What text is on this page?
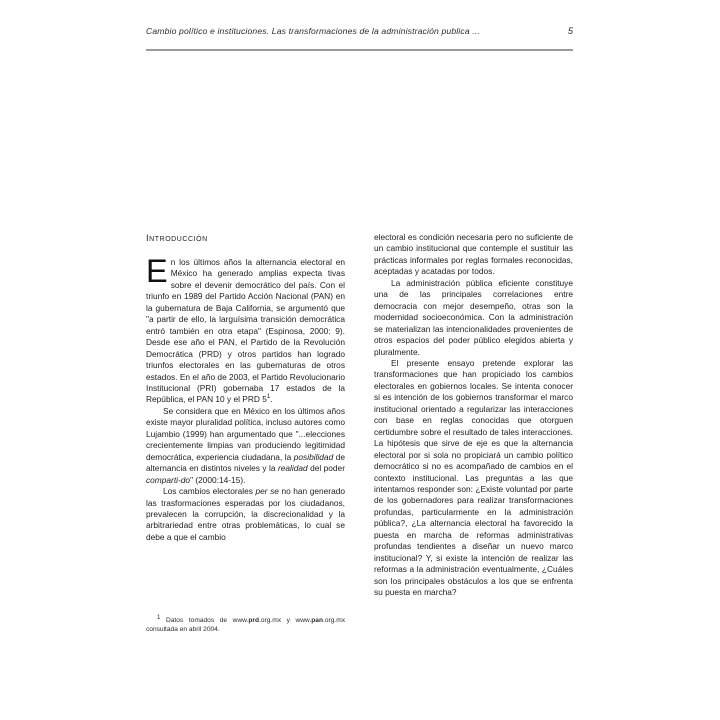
Cambio político e instituciones. Las transformaciones de la administración publica ...	5
Introducción

En los últimos años la alternancia electoral en México ha generado amplias expecta tivas sobre el devenir democrático del país. Con el triunfo en 1989 del Partido Acción Nacional (PAN) en la gubernatura de Baja California, se argumentó que "a partir de ello, la larguísima transición democrática entró también en otra etapa" (Espinosa, 2000: 9). Desde ese año el PAN, el Partido de la Revolución Democrática (PRD) y otros partidos han logrado triunfos electorales en las gubernaturas de otros estados. En el año de 2003, el Partido Revolucionario Institucional (PRI) gobernaba 17 estados de la República, el PAN 10 y el PRD $5^1$.

Se considera que en México en los últimos años existe mayor pluralidad política, incluso autores como Lujambio (1999) han argumentado que "...elecciones crecientemente limpias van produciendo legitimidad democrática, experiencia ciudadana, la posibilidad de alternancia en distintos niveles y la realidad del poder comparti-do" (2000:14-15).

Los cambios electorales per se no han generado las trasformaciones esperadas por los ciudadanos, prevalecen la corrupción, la discrecionalidad y la arbitrariedad entre otras problemáticas, lo cual se debe a que el cambio

electoral es condición necesaria pero no suficiente de un cambio institucional que contemple el sustituir las prácticas informales por reglas formales reconocidas, aceptadas y acatadas por todos.

La administración pública eficiente constituye una de las principales correlaciones entre democracia con mejor desempeño, otras son la modernidad socioeconómica. Con la administración se materializan las intencionalidades provenientes de otros espacios del poder público elegidos abierta y pluralmente.

El presente ensayo pretende explorar las transformaciones que han propiciado los cambios electorales en gobiernos locales. Se intenta conocer si es intención de los gobiernos transformar el marco institucional orientado a regularizar las interacciones con base en reglas conocidas que otorguen certidumbre sobre el resultado de tales interacciones. La hipótesis que sirve de eje es que la alternancia electoral por si sola no propiciará un cambio político democrático si no es acompañado de cambios en el contexto institucional. Las preguntas a las que intentamos responder son: ¿Existe voluntad por parte de los gobernadores para realizar transformaciones profundas, particularmente en la administración pública?, ¿La alternancia electoral ha favorecido la puesta en marcha de reformas administrativas profundas tendientes a diseñar un nuevo marco institucional? Y, si existe la intención de realizar las reformas a la administración eventualmente, ¿Cuáles son los principales obstáculos a los que se enfrenta su puesta en marcha?

$^1$ Datos tomados de www.prd.org.mx y www.pan.org.mx consultada en abril 2004.
